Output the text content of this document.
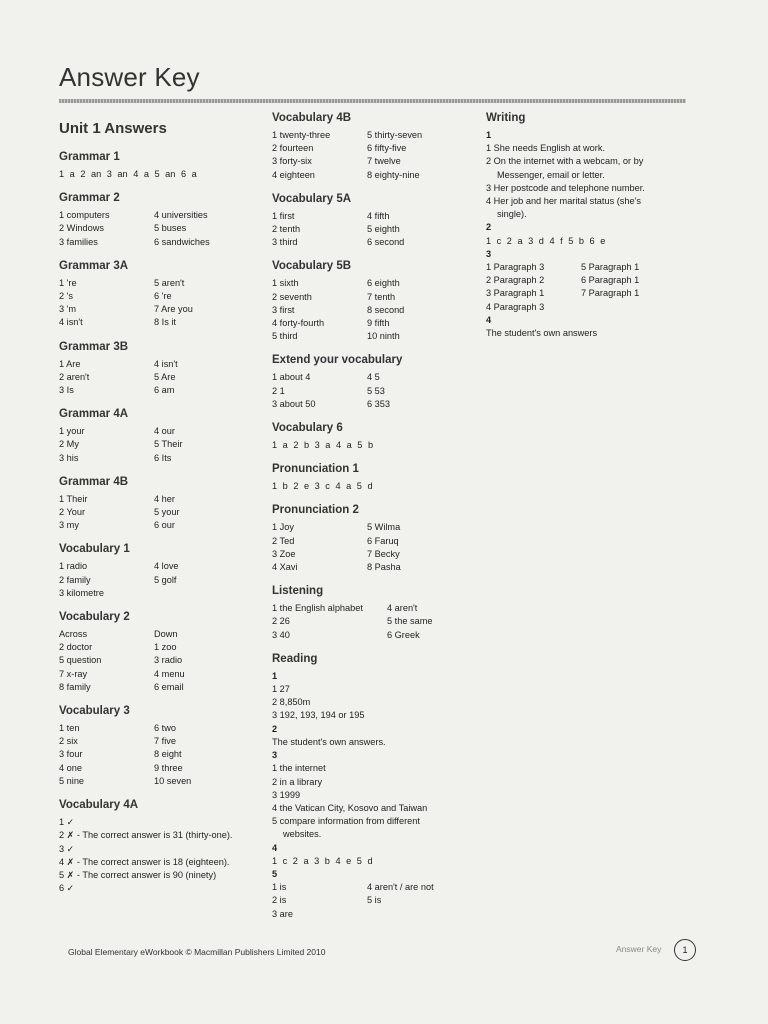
Answer Key
Unit 1 Answers
Grammar 1
1 a 2 an 3 an 4 a 5 an 6 a
Grammar 2
1 computers	4 universities
2 Windows	5 buses
3 families	6 sandwiches
Grammar 3A
1 're	5 aren't
2 's	6 're
3 'm	7 Are you
4 isn't	8 Is it
Grammar 3B
1 Are	4 isn't
2 aren't	5 Are
3 Is	6 am
Grammar 4A
1 your	4 our
2 My	5 Their
3 his	6 Its
Grammar 4B
1 Their	4 her
2 Your	5 your
3 my	6 our
Vocabulary 1
1 radio	4 love
2 family	5 golf
3 kilometre
Vocabulary 2
Across	Down
2 doctor	1 zoo
5 question	3 radio
7 x-ray	4 menu
8 family	6 email
Vocabulary 3
1 ten	6 two
2 six	7 five
3 four	8 eight
4 one	9 three
5 nine	10 seven
Vocabulary 4A
1 ✓
2 ✗ - The correct answer is 31 (thirty-one).
3 ✓
4 ✗ - The correct answer is 18 (eighteen).
5 ✗ - The correct answer is 90 (ninety)
6 ✓
Vocabulary 4B
1 twenty-three	5 thirty-seven
2 fourteen	6 fifty-five
3 forty-six	7 twelve
4 eighteen	8 eighty-nine
Vocabulary 5A
1 first	4 fifth
2 tenth	5 eighth
3 third	6 second
Vocabulary 5B
1 sixth	6 eighth
2 seventh	7 tenth
3 first	8 second
4 forty-fourth	9 fifth
5 third	10 ninth
Extend your vocabulary
1 about 4	4 5
2 1	5 53
3 about 50	6 353
Vocabulary 6
1 a 2 b 3 a 4 a 5 b
Pronunciation 1
1 b 2 e 3 c 4 a 5 d
Pronunciation 2
1 Joy	5 Wilma
2 Ted	6 Faruq
3 Zoe	7 Becky
4 Xavi	8 Pasha
Listening
1 the English alphabet	4 aren't
2 26	5 the same
3 40	6 Greek
Reading
1
1 27
2 8,850m
3 192, 193, 194 or 195
2
The student's own answers.
3
1 the internet
2 in a library
3 1999
4 the Vatican City, Kosovo and Taiwan
5 compare information from different
websites.
4
1 c 2 a 3 b 4 e 5 d
5
1 is	4 aren't / are not
2 is	5 is
3 are
Writing
1
1 She needs English at work.
2 On the internet with a webcam, or by
Messenger, email or letter.
3 Her postcode and telephone number.
4 Her job and her marital status (she's
single).
2
1 c 2 a 3 d 4 f 5 b 6 e
3
1 Paragraph 3	5 Paragraph 1
2 Paragraph 2	6 Paragraph 1
3 Paragraph 1	7 Paragraph 1
4 Paragraph 3
4
The student's own answers
Global Elementary eWorkbook © Macmillan Publishers Limited 2010	Answer Key	1
